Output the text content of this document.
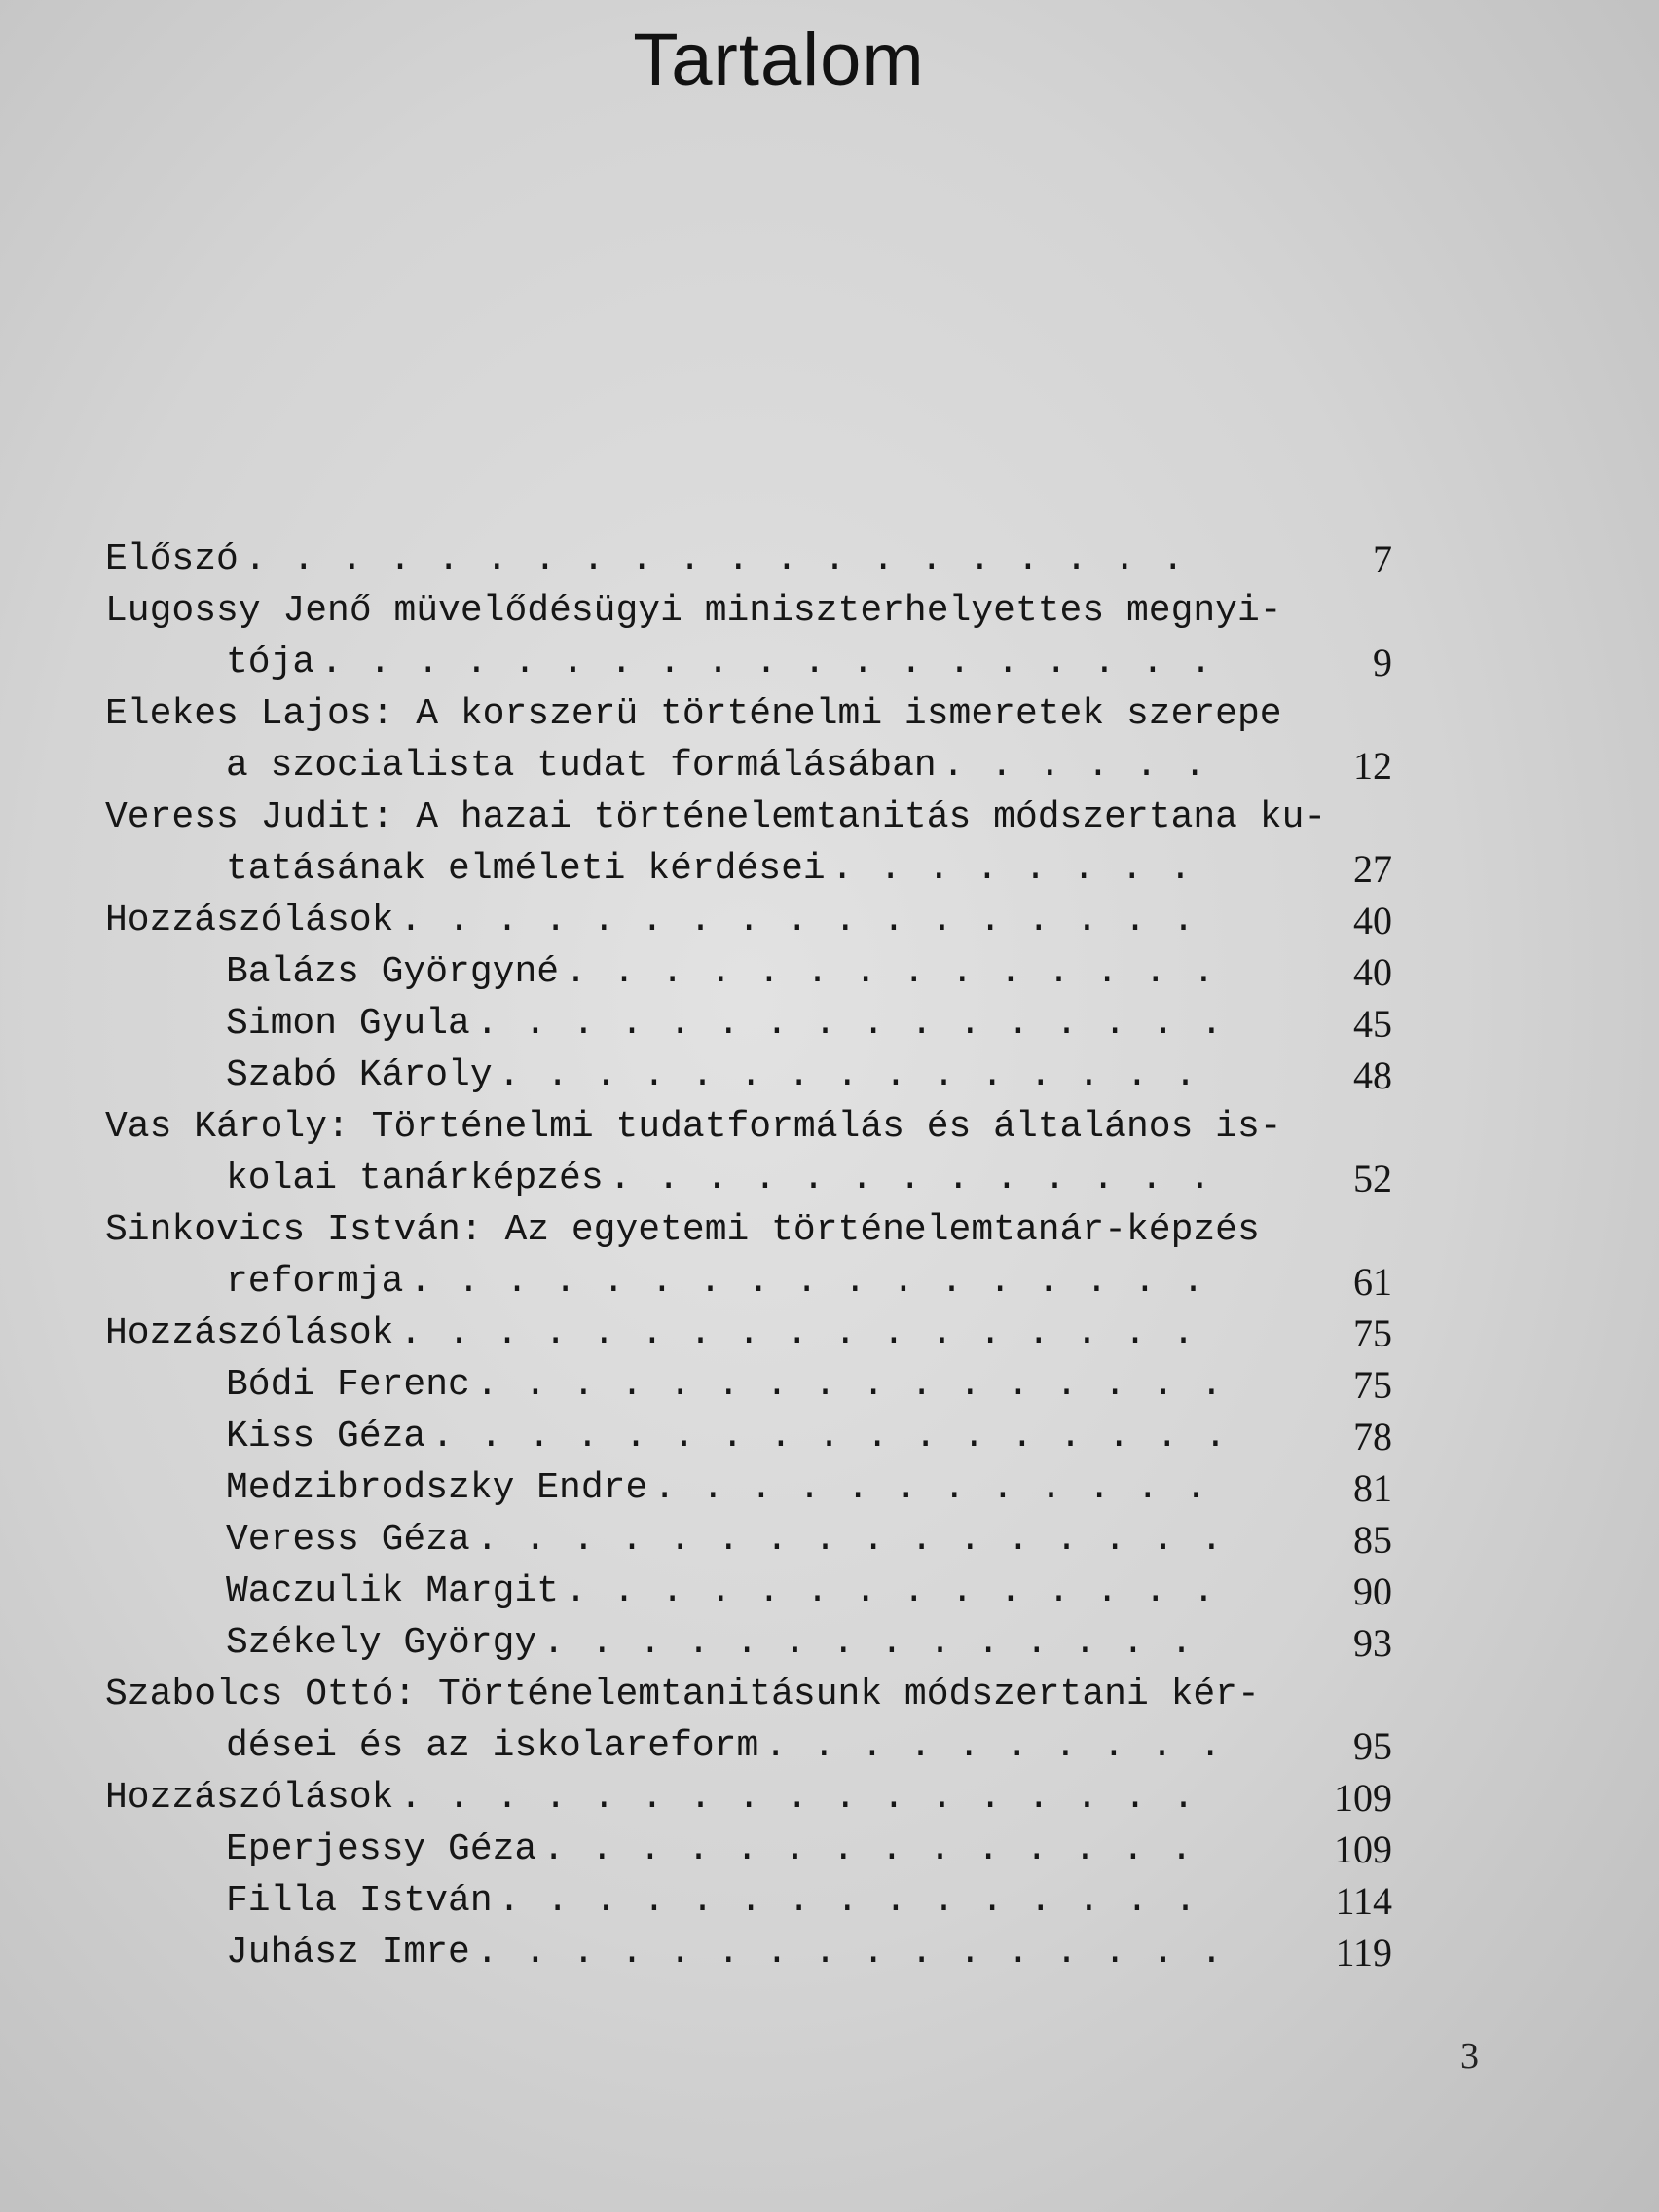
Tartalom
Előszó. . . . . . . . . . . . . . . . . . . .	7
Lugossy Jenő müvelődésügyi miniszterhelyettes megnyi-
tója. . . . . . . . . . . . . . . . . . .	9
Elekes Lajos: A korszerü történelmi ismeretek szerepe
a szocialista tudat formálásában. . . . . .	12
Veress Judit: A hazai történelemtanitás módszertana ku-
tatásának elméleti kérdései. . . . . . . .	27
Hozzászólások. . . . . . . . . . . . . . . . .	40
Balázs Györgyné. . . . . . . . . . . . . .	40
Simon Gyula. . . . . . . . . . . . . . . .	45
Szabó Károly. . . . . . . . . . . . . . .	48
Vas Károly: Történelmi tudatformálás és általános is-
kolai tanárképzés. . . . . . . . . . . . .	52
Sinkovics István: Az egyetemi történelemtanár-képzés
reformja. . . . . . . . . . . . . . . . .	61
Hozzászólások. . . . . . . . . . . . . . . . .	75
Bódi Ferenc. . . . . . . . . . . . . . . .	75
Kiss Géza. . . . . . . . . . . . . . . . .	78
Medzibrodszky Endre. . . . . . . . . . . .	81
Veress Géza. . . . . . . . . . . . . . . .	85
Waczulik Margit. . . . . . . . . . . . . .	90
Székely György. . . . . . . . . . . . . .	93
Szabolcs Ottó: Történelemtanitásunk módszertani kér-
dései és az iskolareform. . . . . . . . . .	95
Hozzászólások. . . . . . . . . . . . . . . . .	109
Eperjessy Géza. . . . . . . . . . . . . .	109
Filla István. . . . . . . . . . . . . . .	114
Juhász Imre. . . . . . . . . . . . . . . .	119
3
